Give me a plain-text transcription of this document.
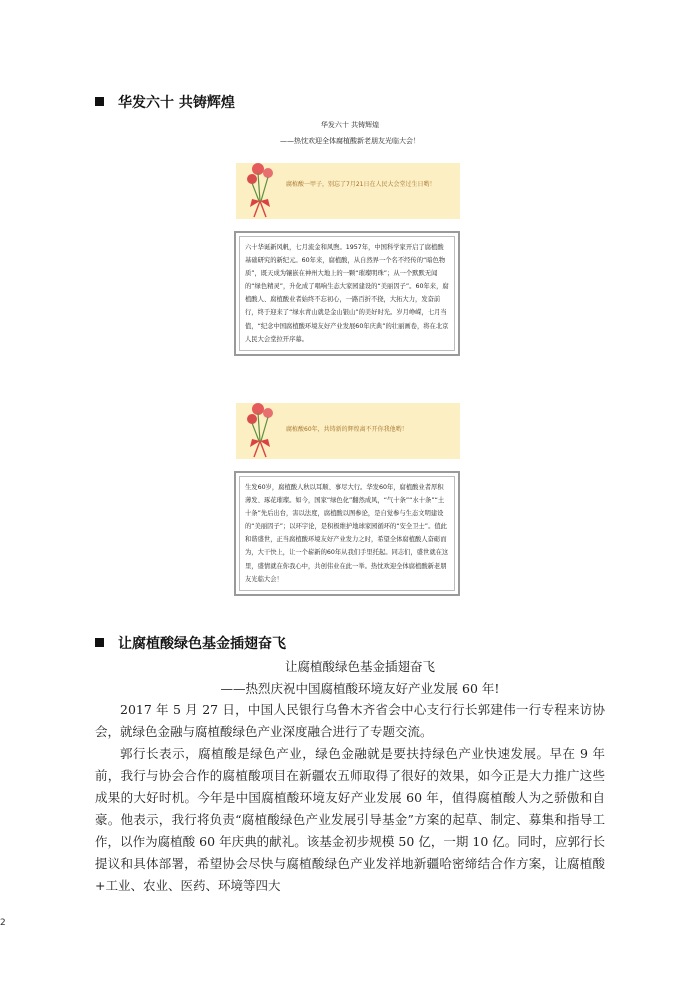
华发六十 共铸辉煌
华发六十 共铸辉煌
——热忱欢迎全体腐植酸新老朋友光临大会！
腐植酸一甲子，别忘了7月21日在人民大会堂过生日哟！
六十华诞新风帆，七月流金和风煦。1957年，中国科学家开启了腐植酸基础研究的新纪元。60年来，腐植酸，从自然界一个名不经传的“暗色物质”，既天成为镶嵌在神州大地上的一颗“璀璨明珠”；从一个默默无闻的“绿色精灵”，升化成了唱响生态大家园建设的“美丽因子”。60年来，腐植酸人、腐植酸业者始终不忘初心，一路百折不挠，大拓大力，发奋前行，终于迎来了“绿水青山就是金山银山”的美好时光。岁月峥嵘，七月当值，“纪念中国腐植酸环境友好产业发展60年庆典”的壮丽画卷，将在北京人民大会堂拉开序幕。
腐植酸60年，共铸新的辉煌离不开你我他哟！
生发60岁，腐植酸人秋以耳顺、事尽大行。华发60年，腐植酸业者厚积薄发、琢花璀璨。如今，国家“绿色化”翻然成风，“气十条”“水十条”“土十条”先后出台，害以法度，腐植酸以图参论，是自觉参与生态文明建设的“美丽因子”；以环宇论，是积极维护地球家园循环的“安全卫士”。值此和谐盛世，正当腐植酸环境友好产业发力之时，希望全体腐植酸人奋砺而为，大干快上，让一个崭新的60年从我们手里托起。同志们，盛世就在这里，盛情就在你我心中，共创伟业在此一举。热忱欢迎全体腐植酸新老朋友光临大会！
让腐植酸绿色基金插翅奋飞
让腐植酸绿色基金插翅奋飞
——热烈庆祝中国腐植酸环境友好产业发展 60 年!

2017 年 5 月 27 日，中国人民银行乌鲁木齐省会中心支行行长郭建伟一行专程来访协会，就绿色金融与腐植酸绿色产业深度融合进行了专题交流。

郭行长表示，腐植酸是绿色产业，绿色金融就是要扶持绿色产业快速发展。早在 9 年前，我行与协会合作的腐植酸项目在新疆农五师取得了很好的效果，如今正是大力推广这些成果的大好时机。今年是中国腐植酸环境友好产业发展 60 年，值得腐植酸人为之骄傲和自豪。他表示，我行将负责“腐植酸绿色产业发展引导基金”方案的起草、制定、募集和指导工作，以作为腐植酸 60 年庆典的献礼。该基金初步规模 50 亿，一期 10 亿。同时，应郭行长提议和具体部署，希望协会尽快与腐植酸绿色产业发祥地新疆哈密缔结合作方案，让腐植酸+工业、农业、医药、环境等四大

2
